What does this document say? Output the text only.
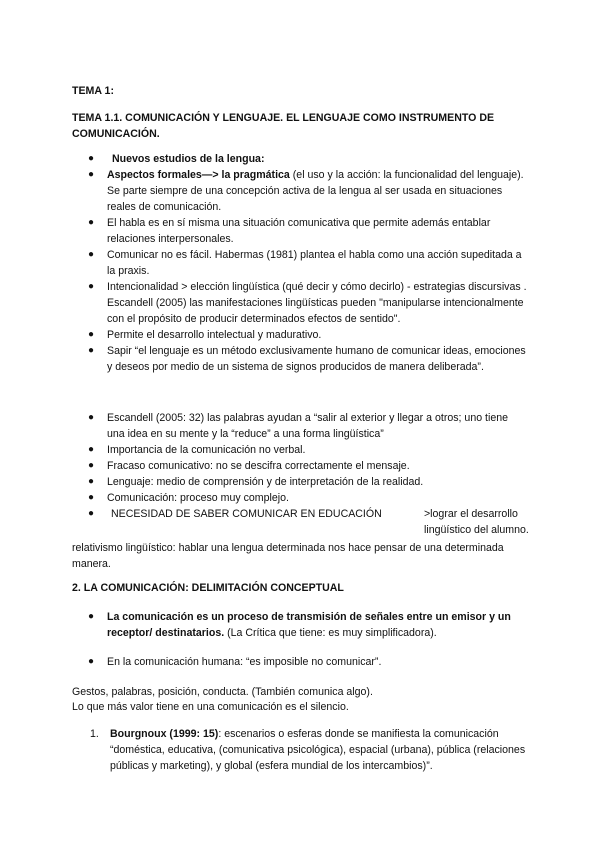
TEMA 1:
TEMA 1.1. COMUNICACIÓN Y LENGUAJE. EL LENGUAJE COMO INSTRUMENTO DE COMUNICACIÓN.
● Nuevos estudios de la lengua:
● Aspectos formales—> la pragmática (el uso y la acción: la funcionalidad del lenguaje). Se parte siempre de una concepción activa de la lengua al ser usada en situaciones reales de comunicación.
● El habla es en sí misma una situación comunicativa que permite además entablar relaciones interpersonales.
● Comunicar no es fácil. Habermas (1981) plantea el habla como una acción supeditada a la praxis.
● Intencionalidad > elección lingüística (qué decir y cómo decirlo) - estrategias discursivas . Escandell (2005) las manifestaciones lingüísticas pueden "manipularse intencionalmente con el propósito de producir determinados efectos de sentido".
● Permite el desarrollo intelectual y madurativo.
● Sapir “el lenguaje es un método exclusivamente humano de comunicar ideas, emociones y deseos por medio de un sistema de signos producidos de manera deliberada”.
● Escandell (2005: 32) las palabras ayudan a “salir al exterior y llegar a otros; uno tiene una idea en su mente y la “reduce” a una forma lingüística”
● Importancia de la comunicación no verbal.
● Fracaso comunicativo: no se descifra correctamente el mensaje.
● Lenguaje: medio de comprensión y de interpretación de la realidad.
● Comunicación: proceso muy complejo.
● NECESIDAD DE SABER COMUNICAR EN EDUCACIÓN	>lograr el desarrollo lingüístico del alumno.
relativismo lingüístico: hablar una lengua determinada nos hace pensar de una determinada manera.
2. LA COMUNICACIÓN: DELIMITACIÓN CONCEPTUAL
● La comunicación es un proceso de transmisión de señales entre un emisor y un receptor/ destinatarios. (La Crítica que tiene: es muy simplificadora).
● En la comunicación humana: “es imposible no comunicar”.
Gestos, palabras, posición, conducta. (También comunica algo).
Lo que más valor tiene en una comunicación es el silencio.
1. Bourgnoux (1999: 15): escenarios o esferas donde se manifiesta la comunicación “doméstica, educativa, (comunicativa psicológica), espacial (urbana), pública (relaciones públicas y marketing), y global (esfera mundial de los intercambios)”.
